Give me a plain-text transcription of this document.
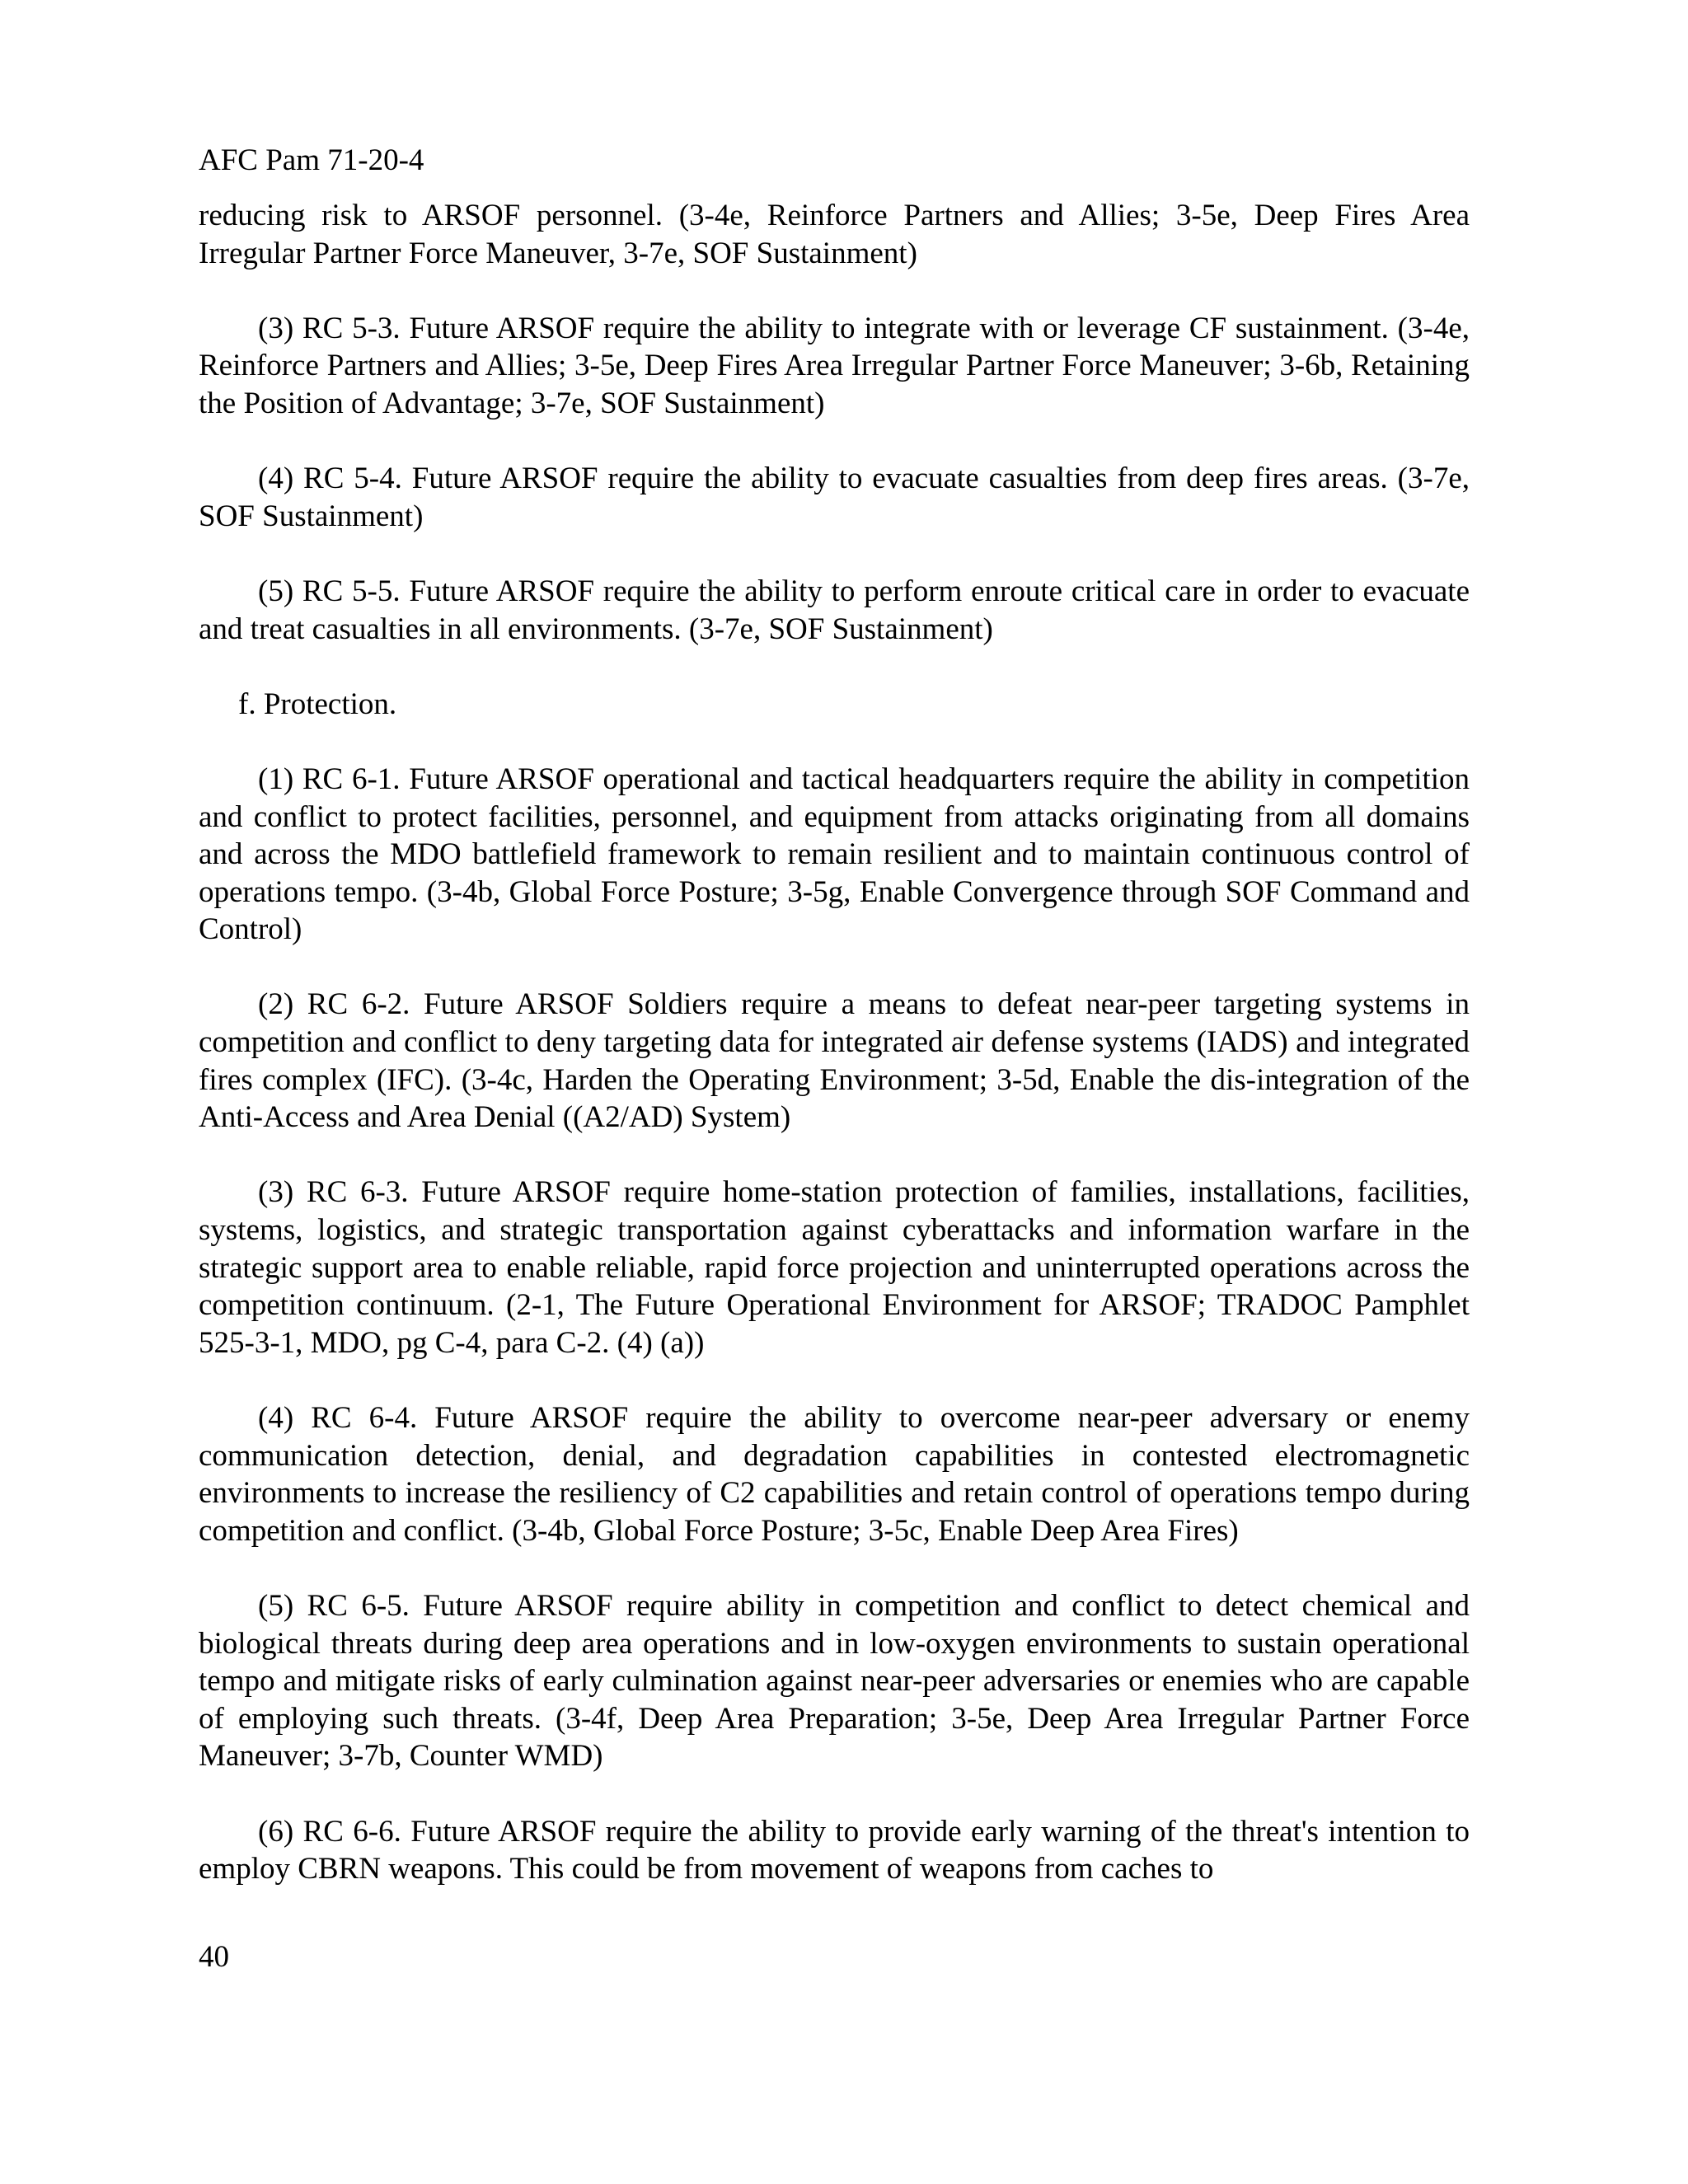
AFC Pam 71-20-4

reducing risk to ARSOF personnel. (3-4e, Reinforce Partners and Allies; 3-5e, Deep Fires Area Irregular Partner Force Maneuver, 3-7e, SOF Sustainment)

(3) RC 5-3. Future ARSOF require the ability to integrate with or leverage CF sustainment. (3-4e, Reinforce Partners and Allies; 3-5e, Deep Fires Area Irregular Partner Force Maneuver; 3-6b, Retaining the Position of Advantage; 3-7e, SOF Sustainment)

(4) RC 5-4. Future ARSOF require the ability to evacuate casualties from deep fires areas. (3-7e, SOF Sustainment)

(5) RC 5-5. Future ARSOF require the ability to perform enroute critical care in order to evacuate and treat casualties in all environments. (3-7e, SOF Sustainment)

f. Protection.

(1) RC 6-1. Future ARSOF operational and tactical headquarters require the ability in competition and conflict to protect facilities, personnel, and equipment from attacks originating from all domains and across the MDO battlefield framework to remain resilient and to maintain continuous control of operations tempo. (3-4b, Global Force Posture; 3-5g, Enable Convergence through SOF Command and Control)

(2) RC 6-2. Future ARSOF Soldiers require a means to defeat near-peer targeting systems in competition and conflict to deny targeting data for integrated air defense systems (IADS) and integrated fires complex (IFC). (3-4c, Harden the Operating Environment; 3-5d, Enable the dis-integration of the Anti-Access and Area Denial ((A2/AD) System)

(3) RC 6-3. Future ARSOF require home-station protection of families, installations, facilities, systems, logistics, and strategic transportation against cyberattacks and information warfare in the strategic support area to enable reliable, rapid force projection and uninterrupted operations across the competition continuum. (2-1, The Future Operational Environment for ARSOF; TRADOC Pamphlet 525-3-1, MDO, pg C-4, para C-2. (4) (a))

(4) RC 6-4. Future ARSOF require the ability to overcome near-peer adversary or enemy communication detection, denial, and degradation capabilities in contested electromagnetic environments to increase the resiliency of C2 capabilities and retain control of operations tempo during competition and conflict. (3-4b, Global Force Posture; 3-5c, Enable Deep Area Fires)

(5) RC 6-5. Future ARSOF require ability in competition and conflict to detect chemical and biological threats during deep area operations and in low-oxygen environments to sustain operational tempo and mitigate risks of early culmination against near-peer adversaries or enemies who are capable of employing such threats. (3-4f, Deep Area Preparation; 3-5e, Deep Area Irregular Partner Force Maneuver; 3-7b, Counter WMD)

(6) RC 6-6. Future ARSOF require the ability to provide early warning of the threat's intention to employ CBRN weapons. This could be from movement of weapons from caches to

40
